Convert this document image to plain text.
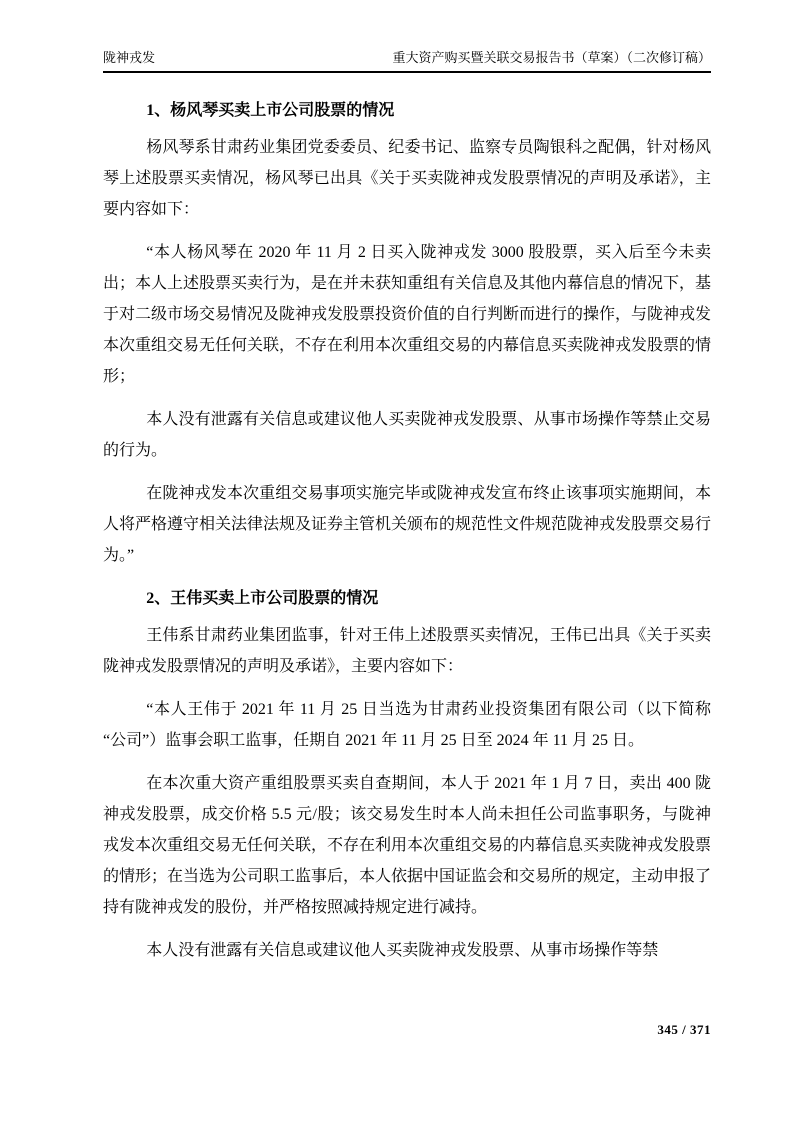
陇神戎发	重大资产购买暨关联交易报告书（草案）（二次修订稿）
1、杨风琴买卖上市公司股票的情况

杨风琴系甘肃药业集团党委委员、纪委书记、监察专员陶银科之配偶，针对杨风琴上述股票买卖情况，杨风琴已出具《关于买卖陇神戎发股票情况的声明及承诺》，主要内容如下：

“本人杨风琴在 2020 年 11 月 2 日买入陇神戎发 3000 股股票，买入后至今未卖出；本人上述股票买卖行为，是在并未获知重组有关信息及其他内幕信息的情况下，基于对二级市场交易情况及陇神戎发股票投资价值的自行判断而进行的操作，与陇神戎发本次重组交易无任何关联，不存在利用本次重组交易的内幕信息买卖陇神戎发股票的情形；

本人没有泄露有关信息或建议他人买卖陇神戎发股票、从事市场操作等禁止交易的行为。

在陇神戎发本次重组交易事项实施完毕或陇神戎发宣布终止该事项实施期间，本人将严格遵守相关法律法规及证券主管机关颁布的规范性文件规范陇神戎发股票交易行为。”

2、王伟买卖上市公司股票的情况

王伟系甘肃药业集团监事，针对王伟上述股票买卖情况，王伟已出具《关于买卖陇神戎发股票情况的声明及承诺》，主要内容如下：

“本人王伟于 2021 年 11 月 25 日当选为甘肃药业投资集团有限公司（以下简称“公司”）监事会职工监事，任期自 2021 年 11 月 25 日至 2024 年 11 月 25 日。

在本次重大资产重组股票买卖自查期间，本人于 2021 年 1 月 7 日，卖出 400 陇神戎发股票，成交价格 5.5 元/股；该交易发生时本人尚未担任公司监事职务，与陇神戎发本次重组交易无任何关联，不存在利用本次重组交易的内幕信息买卖陇神戎发股票的情形；在当选为公司职工监事后，本人依据中国证监会和交易所的规定，主动申报了持有陇神戎发的股份，并严格按照减持规定进行减持。

本人没有泄露有关信息或建议他人买卖陇神戎发股票、从事市场操作等禁

345 / 371
